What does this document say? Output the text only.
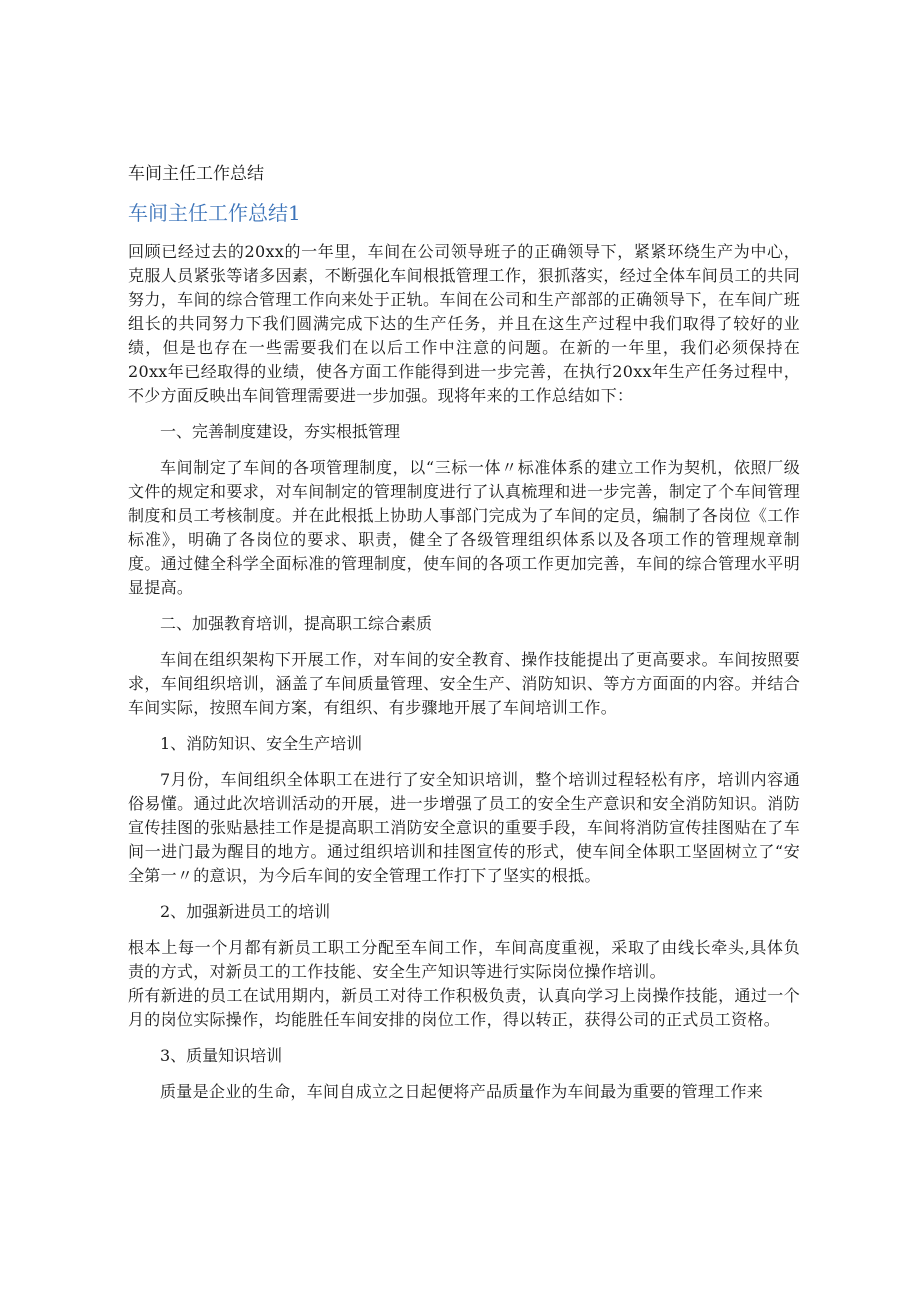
车间主任工作总结
车间主任工作总结1

回顾已经过去的20xx的一年里，车间在公司领导班子的正确领导下，紧紧环绕生产为中心，克服人员紧张等诸多因素，不断强化车间根抵管理工作，狠抓落实，经过全体车间员工的共同努力，车间的综合管理工作向来处于正轨。车间在公司和生产部部的正确领导下，在车间广班组长的共同努力下我们圆满完成下达的生产任务，并且在这生产过程中我们取得了较好的业绩，但是也存在一些需要我们在以后工作中注意的问题。在新的一年里，我们必须保持在20xx年已经取得的业绩，使各方面工作能得到进一步完善，在执行20xx年生产任务过程中，不少方面反映出车间管理需要进一步加强。现将年来的工作总结如下：

一、完善制度建设，夯实根抵管理

车间制定了车间的各项管理制度，以“三标一体〃标准体系的建立工作为契机，依照厂级文件的规定和要求，对车间制定的管理制度进行了认真梳理和进一步完善，制定了个车间管理制度和员工考核制度。并在此根抵上协助人事部门完成为了车间的定员，编制了各岗位《工作标准》，明确了各岗位的要求、职责，健全了各级管理组织体系以及各项工作的管理规章制度。通过健全科学全面标准的管理制度，使车间的各项工作更加完善，车间的综合管理水平明显提高。

二、加强教育培训，提高职工综合素质

车间在组织架构下开展工作，对车间的安全教育、操作技能提出了更高要求。车间按照要求，车间组织培训，涵盖了车间质量管理、安全生产、消防知识、等方方面面的内容。并结合车间实际，按照车间方案，有组织、有步骤地开展了车间培训工作。

1、消防知识、安全生产培训

7月份，车间组织全体职工在进行了安全知识培训，整个培训过程轻松有序，培训内容通俗易懂。通过此次培训活动的开展，进一步增强了员工的安全生产意识和安全消防知识。消防宣传挂图的张贴悬挂工作是提高职工消防安全意识的重要手段，车间将消防宣传挂图贴在了车间一进门最为醒目的地方。通过组织培训和挂图宣传的形式，使车间全体职工坚固树立了“安全第一〃的意识，为今后车间的安全管理工作打下了坚实的根抵。

2、加强新进员工的培训

根本上每一个月都有新员工职工分配至车间工作，车间高度重视，采取了由线长牵头,具体负责的方式，对新员工的工作技能、安全生产知识等进行实际岗位操作培训。

所有新进的员工在试用期内，新员工对待工作积极负责，认真向学习上岗操作技能，通过一个月的岗位实际操作，均能胜任车间安排的岗位工作，得以转正，获得公司的正式员工资格。

3、质量知识培训

质量是企业的生命，车间自成立之日起便将产品质量作为车间最为重要的管理工作来
